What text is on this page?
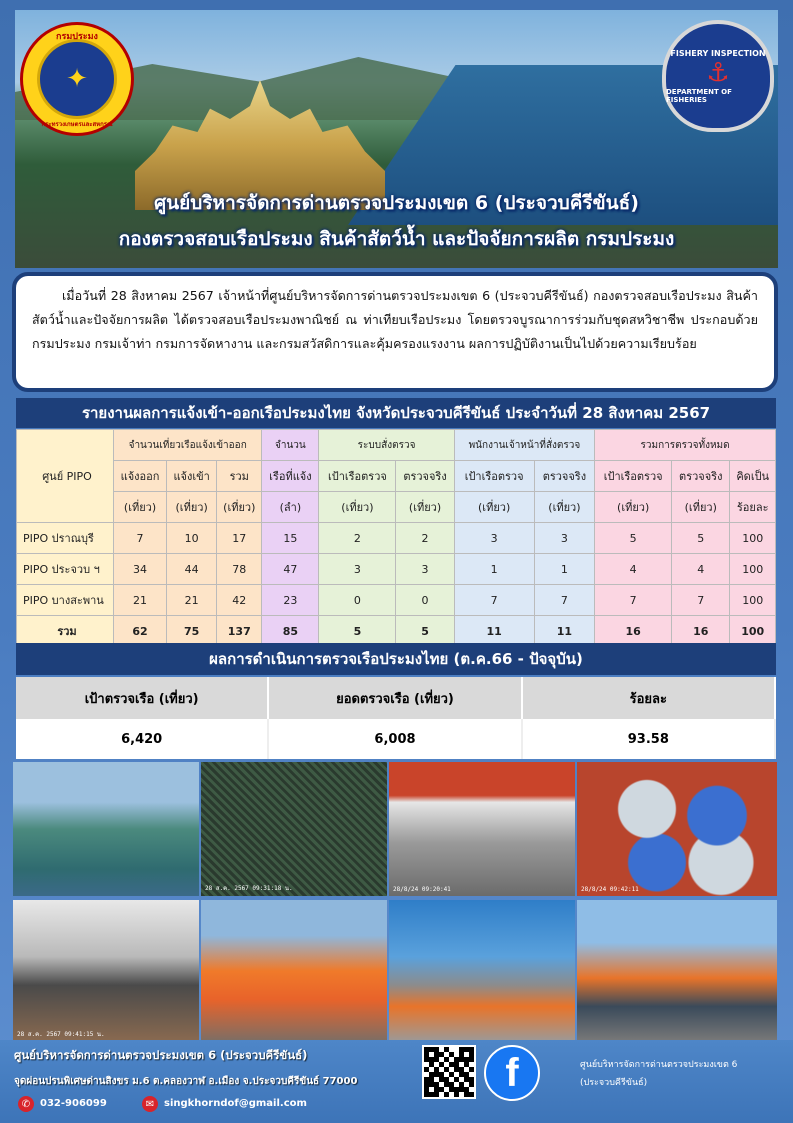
ศูนย์บริหารจัดการด่านตรวจประมงเขต 6 (ประจวบคีรีขันธ์)
กองตรวจสอบเรือประมง สินค้าสัตว์น้ำ และปัจจัยการผลิต กรมประมง
กรมประมง
✦
กระทรวงเกษตรและสหกรณ์
FISHERY INSPECTION
⚓
DEPARTMENT OF FISHERIES
เมื่อวันที่ 28 สิงหาคม 2567 เจ้าหน้าที่ศูนย์บริหารจัดการด่านตรวจประมงเขต 6 (ประจวบคีรีขันธ์) กองตรวจสอบเรือประมง สินค้าสัตว์น้ำและปัจจัยการผลิต ได้ตรวจสอบเรือประมงพาณิชย์ ณ ท่าเทียบเรือประมง โดยตรวจบูรณาการร่วมกับชุดสหวิชาชีพ ประกอบด้วย กรมประมง กรมเจ้าท่า กรมการจัดหางาน และกรมสวัสดิการและคุ้มครองแรงงาน ผลการปฏิบัติงานเป็นไปด้วยความเรียบร้อย
รายงานผลการแจ้งเข้า-ออกเรือประมงไทย จังหวัดประจวบคีรีขันธ์ ประจำวันที่ 28 สิงหาคม 2567
ศูนย์ PIPO	จำนวนเที่ยวเรือแจ้งเข้าออก			จำนวน	ระบบสั่งตรวจ		พนักงานเจ้าหน้าที่สั่งตรวจ		รวมการตรวจทั้งหมด		
	แจ้งออก	แจ้งเข้า	รวม	เรือที่แจ้ง	เป้าเรือตรวจ	ตรวจจริง	เป้าเรือตรวจ	ตรวจจริง	เป้าเรือตรวจ	ตรวจจริง	คิดเป็น
	(เที่ยว)	(เที่ยว)	(เที่ยว)	(ลำ)	(เที่ยว)	(เที่ยว)	(เที่ยว)	(เที่ยว)	(เที่ยว)	(เที่ยว)	ร้อยละ
PIPO ปราณบุรี	7	10	17	15	2	2	3	3	5	5	100
PIPO ประจวบ ฯ	34	44	78	47	3	3	1	1	4	4	100
PIPO บางสะพาน	21	21	42	23	0	0	7	7	7	7	100
รวม	62	75	137	85	5	5	11	11	16	16	100
ผลการดำเนินการตรวจเรือประมงไทย (ต.ค.66 - ปัจจุบัน)
เป้าตรวจเรือ (เที่ยว)	ยอดตรวจเรือ (เที่ยว)	ร้อยละ
6,420	6,008	93.58
28 ส.ค. 2567 09:31:18 น.	28/8/24 09:20:41	28/8/24 09:42:11
28 ส.ค. 2567 09:41:15 น.
ศูนย์บริหารจัดการด่านตรวจประมงเขต 6 (ประจวบคีรีขันธ์)
จุดผ่อนปรนพิเศษด่านสิงขร ม.6 ต.คลองวาฬ อ.เมือง จ.ประจวบคีรีขันธ์ 77000
✆ 032-906099	✉ singkhorndof@gmail.com
f	ศูนย์บริหารจัดการด่านตรวจประมงเขต 6
(ประจวบคีรีขันธ์)
